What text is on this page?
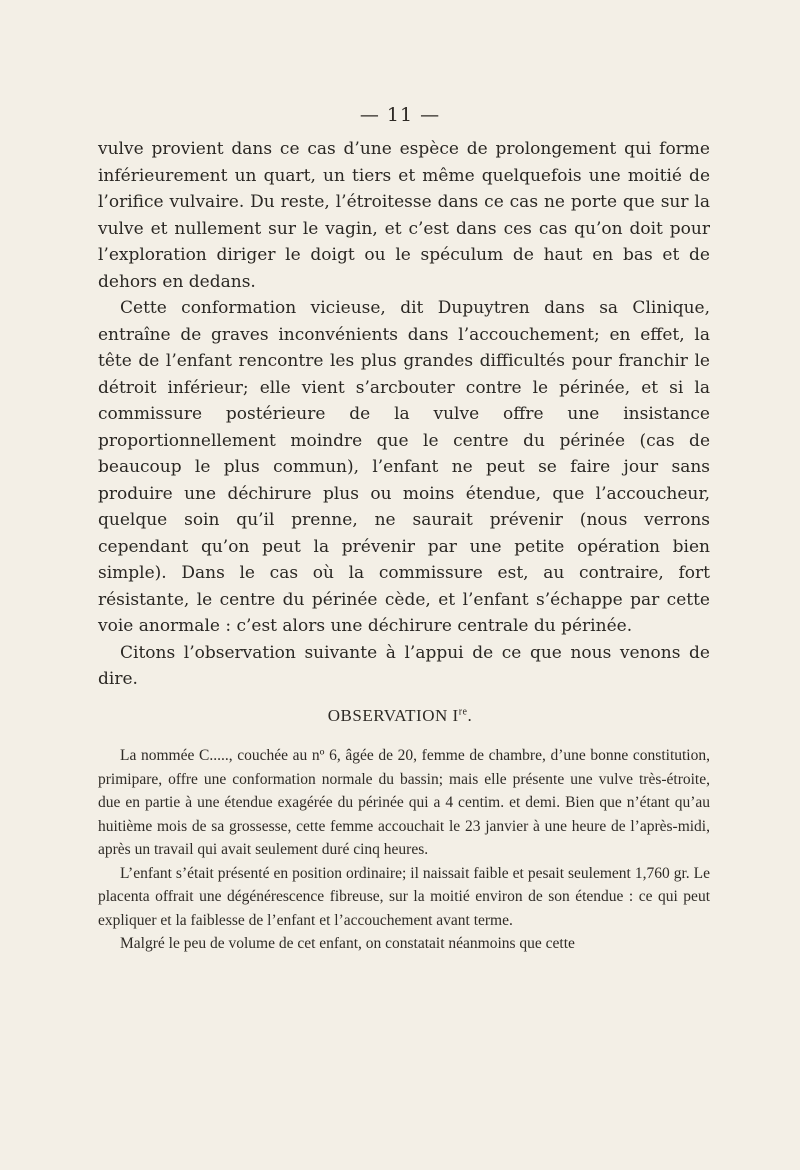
— 11 —

vulve provient dans ce cas d’une espèce de prolongement qui forme inférieurement un quart, un tiers et même quelquefois une moitié de l’orifice vulvaire. Du reste, l’étroitesse dans ce cas ne porte que sur la vulve et nullement sur le vagin, et c’est dans ces cas qu’on doit pour l’exploration diriger le doigt ou le spéculum de haut en bas et de dehors en dedans.

Cette conformation vicieuse, dit Dupuytren dans sa Clinique, entraîne de graves inconvénients dans l’accouchement; en effet, la tête de l’enfant rencontre les plus grandes difficultés pour franchir le détroit inférieur; elle vient s’arcbouter contre le périnée, et si la commissure postérieure de la vulve offre une insistance proportionnellement moindre que le centre du périnée (cas de beaucoup le plus commun), l’enfant ne peut se faire jour sans produire une déchirure plus ou moins étendue, que l’accoucheur, quelque soin qu’il prenne, ne saurait prévenir (nous verrons cependant qu’on peut la prévenir par une petite opération bien simple). Dans le cas où la commissure est, au contraire, fort résistante, le centre du périnée cède, et l’enfant s’échappe par cette voie anormale : c’est alors une déchirure centrale du périnée.

Citons l’observation suivante à l’appui de ce que nous venons de dire.

OBSERVATION Ire.

La nommée C....., couchée au nº 6, âgée de 20, femme de chambre, d’une bonne constitution, primipare, offre une conformation normale du bassin; mais elle présente une vulve très-étroite, due en partie à une étendue exagérée du périnée qui a 4 centim. et demi. Bien que n’étant qu’au huitième mois de sa grossesse, cette femme accouchait le 23 janvier à une heure de l’après-midi, après un travail qui avait seulement duré cinq heures.

L’enfant s’était présenté en position ordinaire; il naissait faible et pesait seulement 1,760 gr. Le placenta offrait une dégénérescence fibreuse, sur la moitié environ de son étendue : ce qui peut expliquer et la faiblesse de l’enfant et l’accouchement avant terme.

Malgré le peu de volume de cet enfant, on constatait néanmoins que cette
